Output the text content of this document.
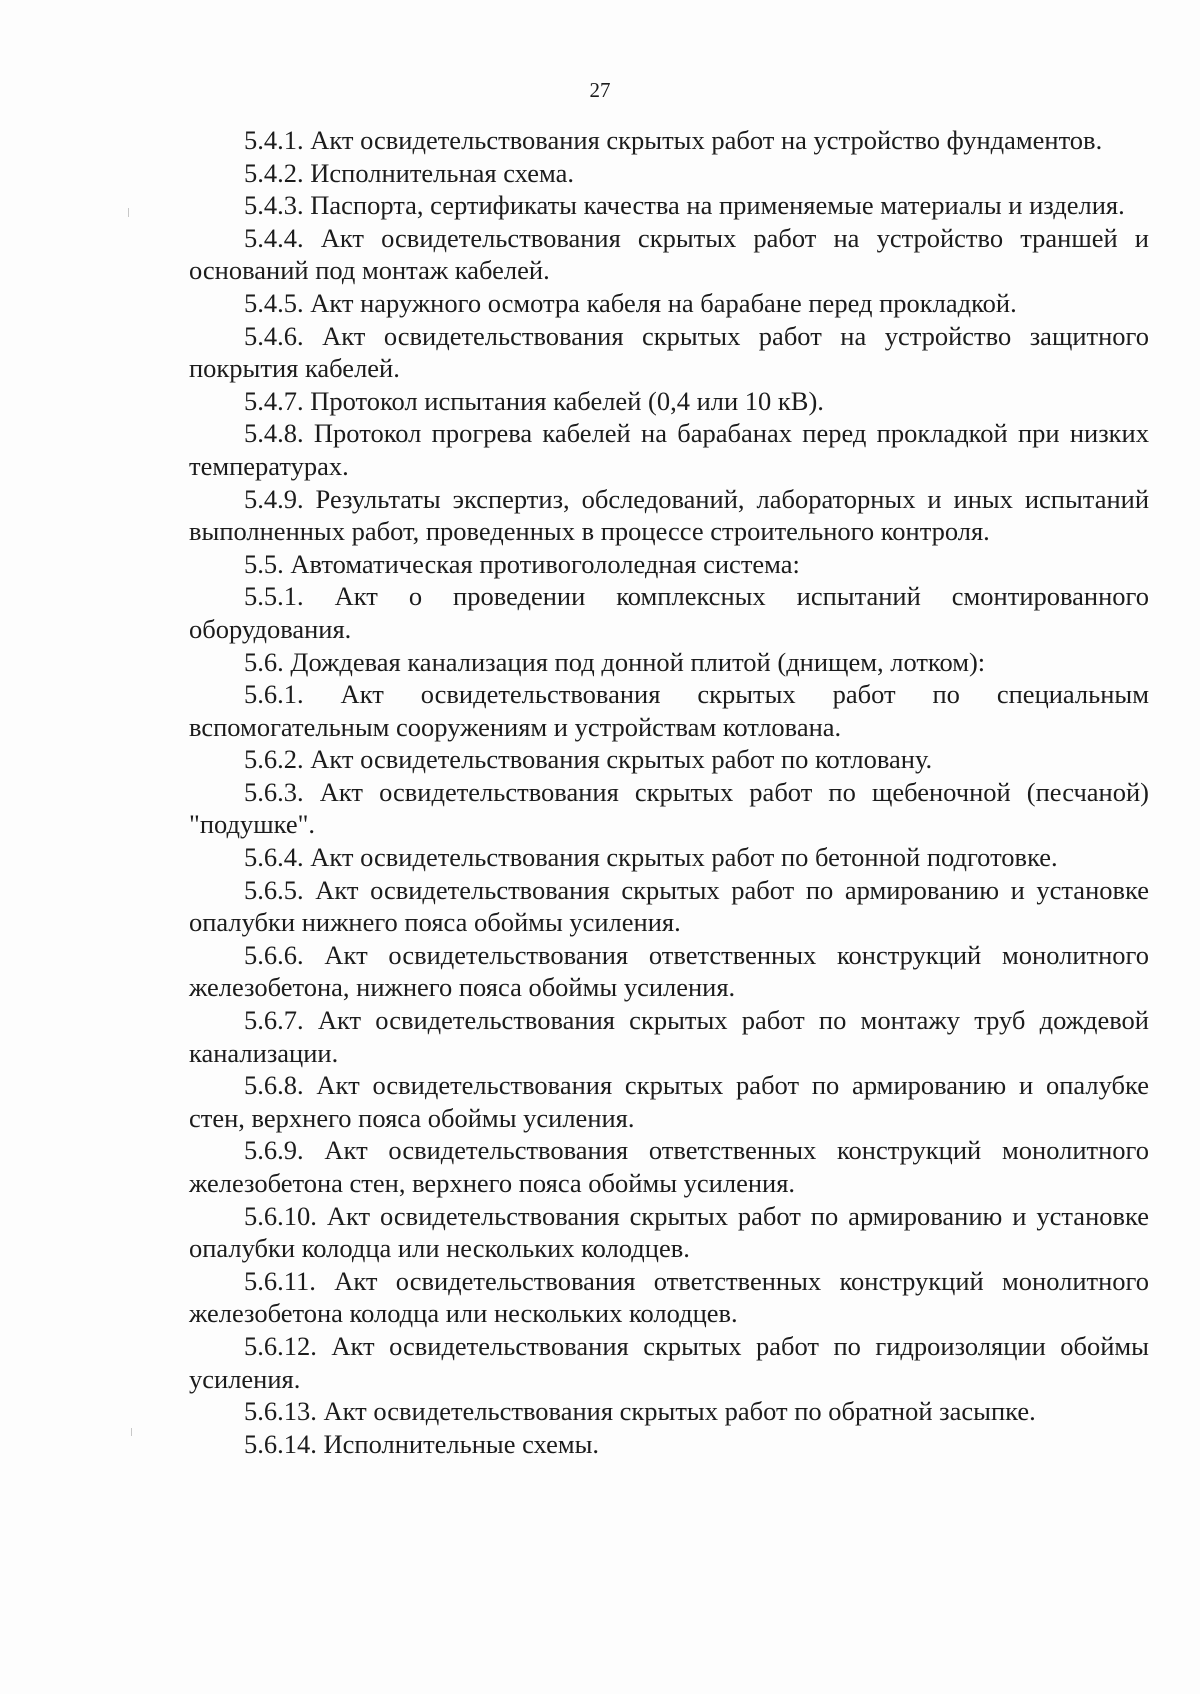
27

5.4.1. Акт освидетельствования скрытых работ на устройство фундаментов.

5.4.2. Исполнительная схема.

5.4.3. Паспорта, сертификаты качества на применяемые материалы и изделия.

5.4.4. Акт освидетельствования скрытых работ на устройство траншей и оснований под монтаж кабелей.

5.4.5. Акт наружного осмотра кабеля на барабане перед прокладкой.

5.4.6. Акт освидетельствования скрытых работ на устройство защитного покрытия кабелей.

5.4.7. Протокол испытания кабелей (0,4 или 10 кВ).

5.4.8. Протокол прогрева кабелей на барабанах перед прокладкой при низких температурах.

5.4.9. Результаты экспертиз, обследований, лабораторных и иных испытаний выполненных работ, проведенных в процессе строительного контроля.

5.5. Автоматическая противогололедная система:

5.5.1. Акт о проведении комплексных испытаний смонтированного оборудования.

5.6. Дождевая канализация под донной плитой (днищем, лотком):

5.6.1. Акт освидетельствования скрытых работ по специальным вспомогательным сооружениям и устройствам котлована.

5.6.2. Акт освидетельствования скрытых работ по котловану.

5.6.3. Акт освидетельствования скрытых работ по щебеночной (песчаной) "подушке".

5.6.4. Акт освидетельствования скрытых работ по бетонной подготовке.

5.6.5. Акт освидетельствования скрытых работ по армированию и установке опалубки нижнего пояса обоймы усиления.

5.6.6. Акт освидетельствования ответственных конструкций монолитного железобетона, нижнего пояса обоймы усиления.

5.6.7. Акт освидетельствования скрытых работ по монтажу труб дождевой канализации.

5.6.8. Акт освидетельствования скрытых работ по армированию и опалубке стен, верхнего пояса обоймы усиления.

5.6.9. Акт освидетельствования ответственных конструкций монолитного железобетона стен, верхнего пояса обоймы усиления.

5.6.10. Акт освидетельствования скрытых работ по армированию и установке опалубки колодца или нескольких колодцев.

5.6.11. Акт освидетельствования ответственных конструкций монолитного железобетона колодца или нескольких колодцев.

5.6.12. Акт освидетельствования скрытых работ по гидроизоляции обоймы усиления.

5.6.13. Акт освидетельствования скрытых работ по обратной засыпке.

5.6.14. Исполнительные схемы.
